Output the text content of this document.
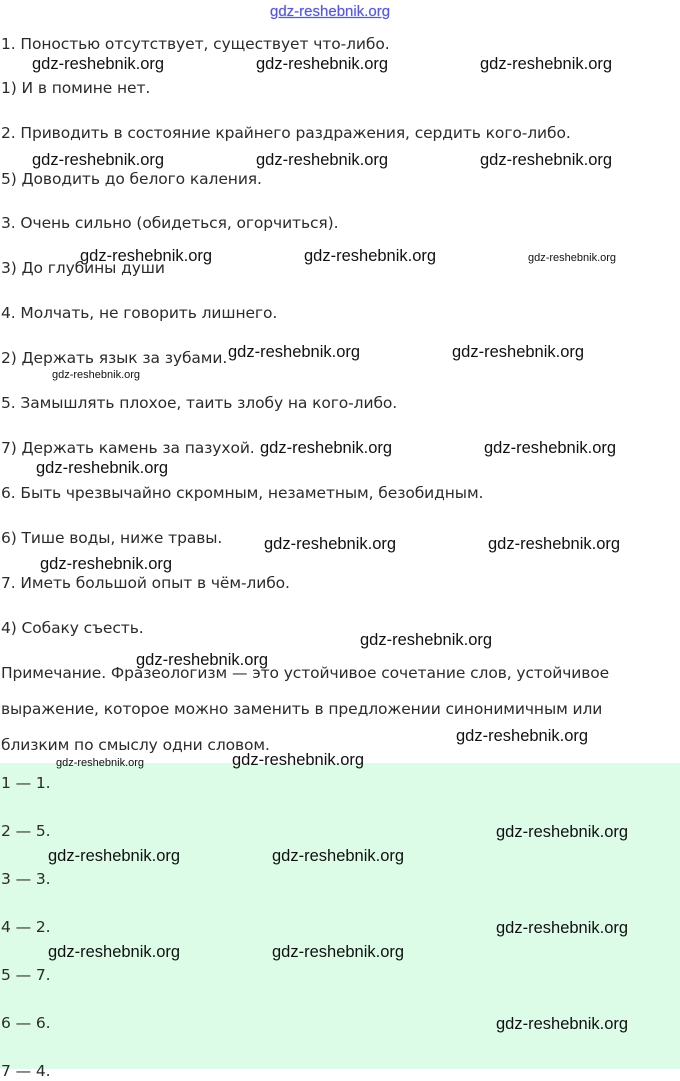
gdz-reshebnik.org
1. Поностью отсутствует, существует что-либо.
1) И в помине нет.
2. Приводить в состояние крайнего раздражения, сердить кого-либо.
5) Доводить до белого каления.
3. Очень сильно (обидеться, огорчиться).
3) До глубины души
4. Молчать, не говорить лишнего.
2) Держать язык за зубами.
5. Замышлять плохое, таить злобу на кого-либо.
7) Держать камень за пазухой.
6. Быть чрезвычайно скромным, незаметным, безобидным.
6) Тише воды, ниже травы.
7. Иметь большой опыт в чём-либо.
4) Собаку съесть.
Примечание. Фразеологизм — это устойчивое сочетание слов, устойчивое
выражение, которое можно заменить в предложении синонимичным или
близким по смыслу одни словом.
1 — 1.
2 — 5.
3 — 3.
4 — 2.
5 — 7.
6 — 6.
7 — 4.
gdz-reshebnik.org	gdz-reshebnik.org	gdz-reshebnik.org
gdz-reshebnik.org	gdz-reshebnik.org	gdz-reshebnik.org
gdz-reshebnik.org	gdz-reshebnik.org	gdz-reshebnik.org
gdz-reshebnik.org	gdz-reshebnik.org
gdz-reshebnik.org
gdz-reshebnik.org	gdz-reshebnik.org
gdz-reshebnik.org
gdz-reshebnik.org	gdz-reshebnik.org
gdz-reshebnik.org
gdz-reshebnik.org
gdz-reshebnik.org
gdz-reshebnik.org
gdz-reshebnik.org
gdz-reshebnik.org
gdz-reshebnik.org
gdz-reshebnik.org	gdz-reshebnik.org
gdz-reshebnik.org
gdz-reshebnik.org	gdz-reshebnik.org
gdz-reshebnik.org
